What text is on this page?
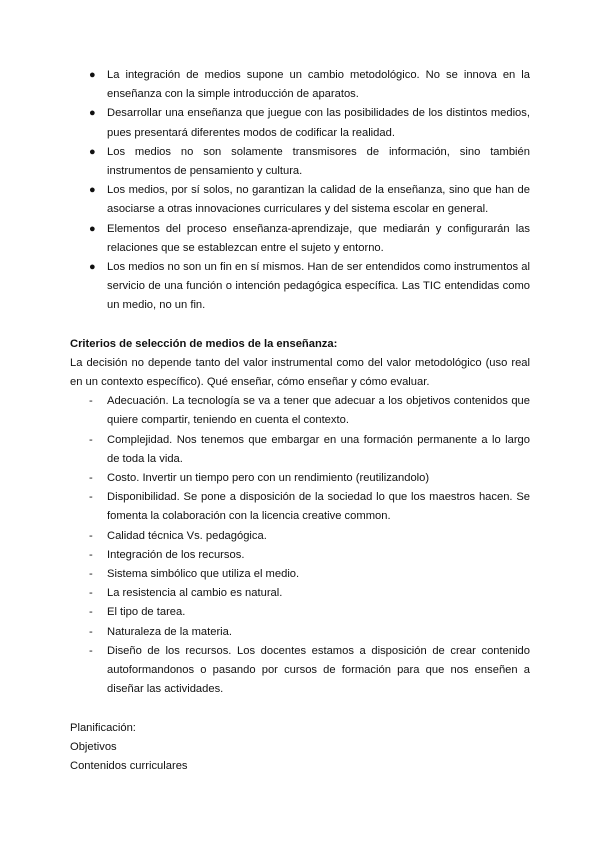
● La integración de medios supone un cambio metodológico. No se innova en la enseñanza con la simple introducción de aparatos.
● Desarrollar una enseñanza que juegue con las posibilidades de los distintos medios, pues presentará diferentes modos de codificar la realidad.
● Los medios no son solamente transmisores de información, sino también instrumentos de pensamiento y cultura.
● Los medios, por sí solos, no garantizan la calidad de la enseñanza, sino que han de asociarse a otras innovaciones curriculares y del sistema escolar en general.
● Elementos del proceso enseñanza-aprendizaje, que mediarán y configurarán las relaciones que se establezcan entre el sujeto y entorno.
● Los medios no son un fin en sí mismos. Han de ser entendidos como instrumentos al servicio de una función o intención pedagógica específica. Las TIC entendidas como un medio, no un fin.

Criterios de selección de medios de la enseñanza:

La decisión no depende tanto del valor instrumental como del valor metodológico (uso real en un contexto específico). Qué enseñar, cómo enseñar y cómo evaluar.

- Adecuación. La tecnología se va a tener que adecuar a los objetivos contenidos que quiere compartir, teniendo en cuenta el contexto.
- Complejidad. Nos tenemos que embargar en una formación permanente a lo largo de toda la vida.
- Costo. Invertir un tiempo pero con un rendimiento (reutilizandolo)
- Disponibilidad. Se pone a disposición de la sociedad lo que los maestros hacen. Se fomenta la colaboración con la licencia creative common.
- Calidad técnica Vs. pedagógica.
- Integración de los recursos.
- Sistema simbólico que utiliza el medio.
- La resistencia al cambio es natural.
- El tipo de tarea.
- Naturaleza de la materia.
- Diseño de los recursos. Los docentes estamos a disposición de crear contenido autoformandonos o pasando por cursos de formación para que nos enseñen a diseñar las actividades.

Planificación:

Objetivos

Contenidos curriculares
